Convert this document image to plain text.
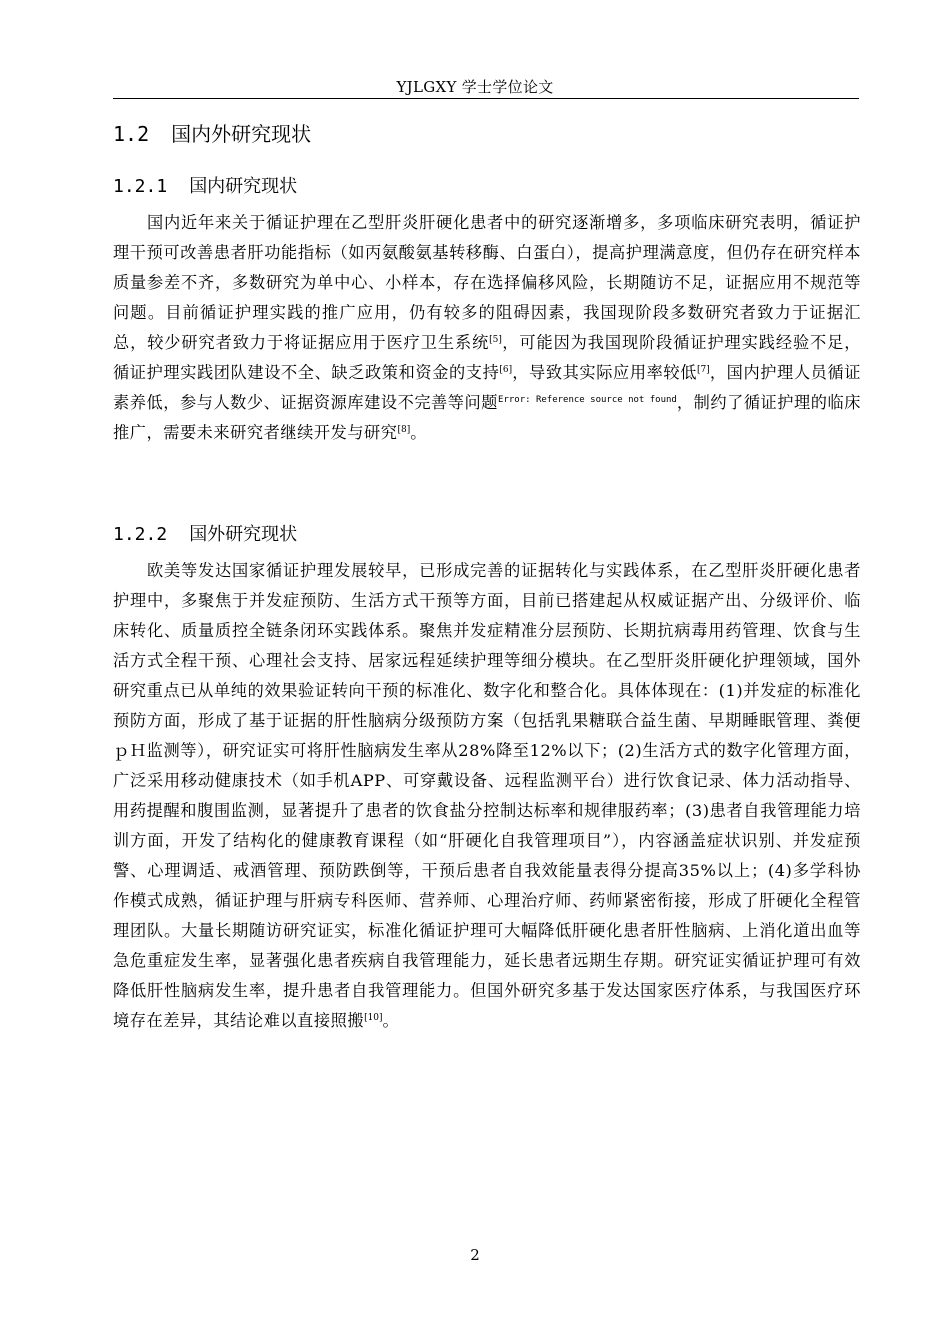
YJLGXY 学士学位论文
1.2 国内外研究现状
1.2.1 国内研究现状

国内近年来关于循证护理在乙型肝炎肝硬化患者中的研究逐渐增多，多项临床研究表明，循证护理干预可改善患者肝功能指标（如丙氨酸氨基转移酶、白蛋白），提高护理满意度，但仍存在研究样本质量参差不齐，多数研究为单中心、小样本，存在选择偏移风险，长期随访不足，证据应用不规范等问题。目前循证护理实践的推广应用，仍有较多的阻碍因素，我国现阶段多数研究者致力于证据汇总，较少研究者致力于将证据应用于医疗卫生系统[5]，可能因为我国现阶段循证护理实践经验不足，循证护理实践团队建设不全、缺乏政策和资金的支持[6]，导致其实际应用率较低[7]，国内护理人员循证素养低，参与人数少、证据资源库建设不完善等问题$^{Error: Reference source not found}$，制约了循证护理的临床推广，需要未来研究者继续开发与研究[8]。

1.2.2 国外研究现状

欧美等发达国家循证护理发展较早，已形成完善的证据转化与实践体系，在乙型肝炎肝硬化患者护理中，多聚焦于并发症预防、生活方式干预等方面，目前已搭建起从权威证据产出、分级评价、临床转化、质量质控全链条闭环实践体系。聚焦并发症精准分层预防、长期抗病毒用药管理、饮食与生活方式全程干预、心理社会支持、居家远程延续护理等细分模块。在乙型肝炎肝硬化护理领域，国外研究重点已从单纯的效果验证转向干预的标准化、数字化和整合化。具体体现在：(1)并发症的标准化预防方面，形成了基于证据的肝性脑病分级预防方案（包括乳果糖联合益生菌、早期睡眠管理、粪便ｐＨ监测等），研究证实可将肝性脑病发生率从28%降至12%以下；(2)生活方式的数字化管理方面，广泛采用移动健康技术（如手机APP、可穿戴设备、远程监测平台）进行饮食记录、体力活动指导、用药提醒和腹围监测，显著提升了患者的饮食盐分控制达标率和规律服药率；(3)患者自我管理能力培训方面，开发了结构化的健康教育课程（如“肝硬化自我管理项目”），内容涵盖症状识别、并发症预警、心理调适、戒酒管理、预防跌倒等，干预后患者自我效能量表得分提高35%以上；(4)多学科协作模式成熟，循证护理与肝病专科医师、营养师、心理治疗师、药师紧密衔接，形成了肝硬化全程管理团队。大量长期随访研究证实，标准化循证护理可大幅降低肝硬化患者肝性脑病、上消化道出血等急危重症发生率，显著强化患者疾病自我管理能力，延长患者远期生存期。研究证实循证护理可有效降低肝性脑病发生率，提升患者自我管理能力。但国外研究多基于发达国家医疗体系，与我国医疗环境存在差异，其结论难以直接照搬[10]。

2
